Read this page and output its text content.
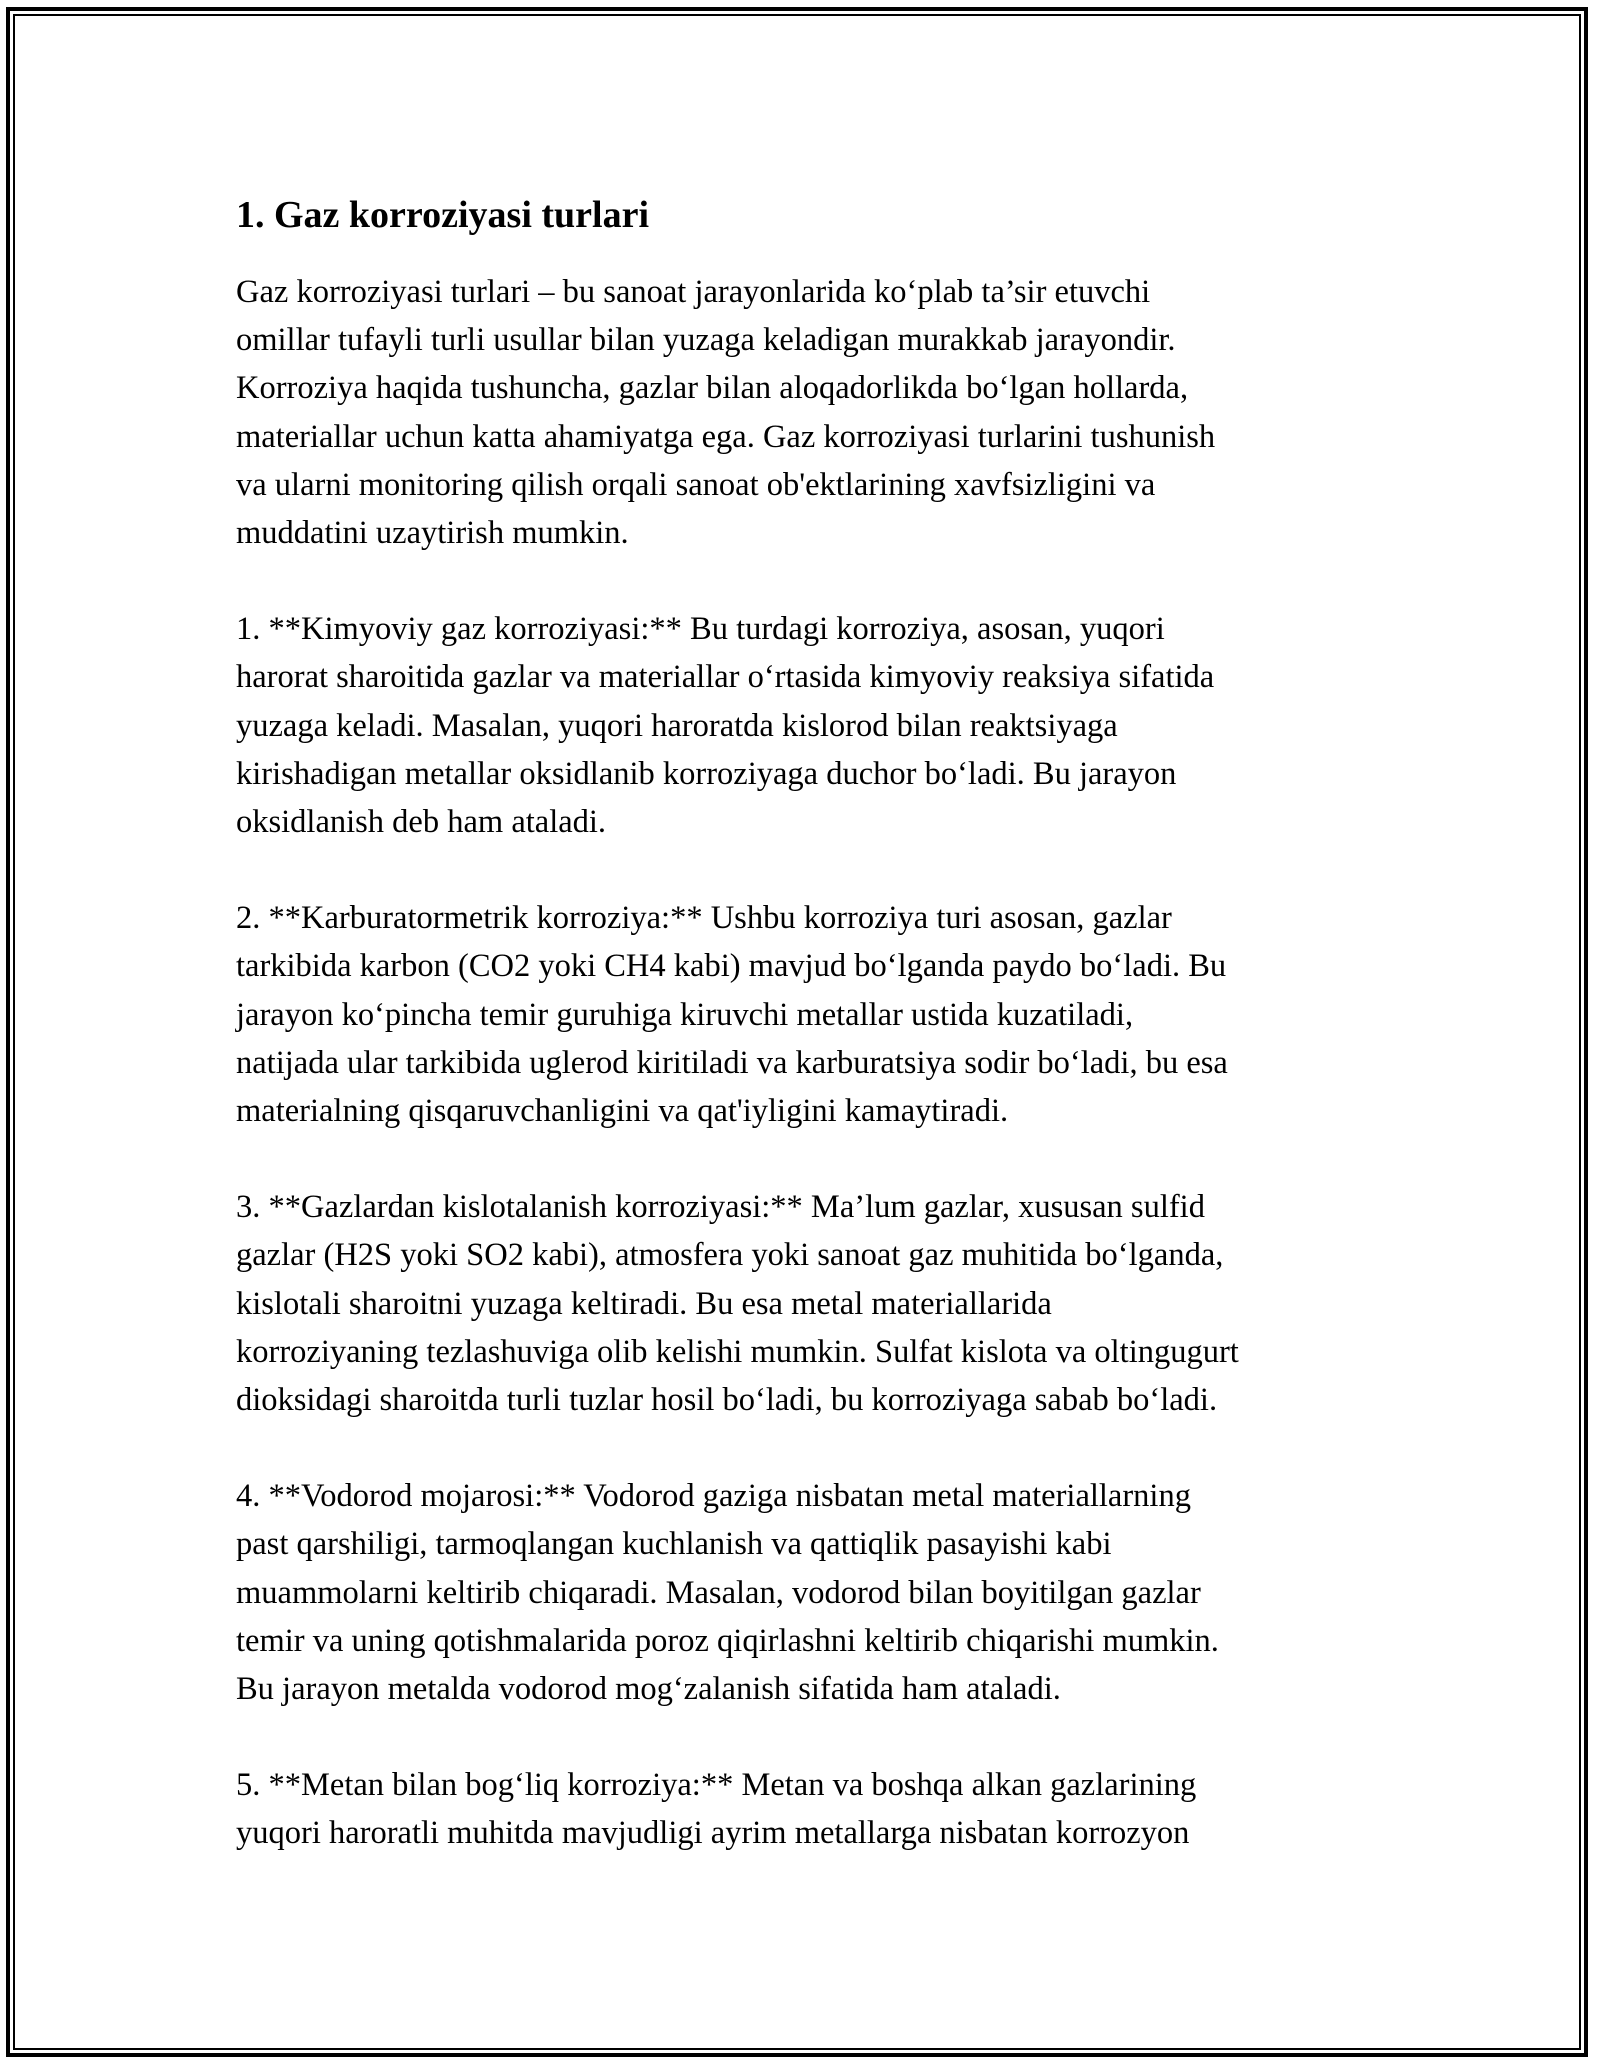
1. Gaz korroziyasi turlari
Gaz korroziyasi turlari – bu sanoat jarayonlarida ko‘plab ta’sir etuvchi
omillar tufayli turli usullar bilan yuzaga keladigan murakkab jarayondir.
Korroziya haqida tushuncha, gazlar bilan aloqadorlikda bo‘lgan hollarda,
materiallar uchun katta ahamiyatga ega. Gaz korroziyasi turlarini tushunish
va ularni monitoring qilish orqali sanoat ob'ektlarining xavfsizligini va
muddatini uzaytirish mumkin.
1. **Kimyoviy gaz korroziyasi:** Bu turdagi korroziya, asosan, yuqori
harorat sharoitida gazlar va materiallar o‘rtasida kimyoviy reaksiya sifatida
yuzaga keladi. Masalan, yuqori haroratda kislorod bilan reaktsiyaga
kirishadigan metallar oksidlanib korroziyaga duchor bo‘ladi. Bu jarayon
oksidlanish deb ham ataladi.
2. **Karburatormetrik korroziya:** Ushbu korroziya turi asosan, gazlar
tarkibida karbon (CO2 yoki CH4 kabi) mavjud bo‘lganda paydo bo‘ladi. Bu
jarayon ko‘pincha temir guruhiga kiruvchi metallar ustida kuzatiladi,
natijada ular tarkibida uglerod kiritiladi va karburatsiya sodir bo‘ladi, bu esa
materialning qisqaruvchanligini va qat'iyligini kamaytiradi.
3. **Gazlardan kislotalanish korroziyasi:** Ma’lum gazlar, xususan sulfid
gazlar (H2S yoki SO2 kabi), atmosfera yoki sanoat gaz muhitida bo‘lganda,
kislotali sharoitni yuzaga keltiradi. Bu esa metal materiallarida
korroziyaning tezlashuviga olib kelishi mumkin. Sulfat kislota va oltingugurt
dioksidagi sharoitda turli tuzlar hosil bo‘ladi, bu korroziyaga sabab bo‘ladi.
4. **Vodorod mojarosi:** Vodorod gaziga nisbatan metal materiallarning
past qarshiligi, tarmoqlangan kuchlanish va qattiqlik pasayishi kabi
muammolarni keltirib chiqaradi. Masalan, vodorod bilan boyitilgan gazlar
temir va uning qotishmalarida poroz qiqirlashni keltirib chiqarishi mumkin.
Bu jarayon metalda vodorod mog‘zalanish sifatida ham ataladi.
5. **Metan bilan bog‘liq korroziya:** Metan va boshqa alkan gazlarining
yuqori haroratli muhitda mavjudligi ayrim metallarga nisbatan korrozyon
